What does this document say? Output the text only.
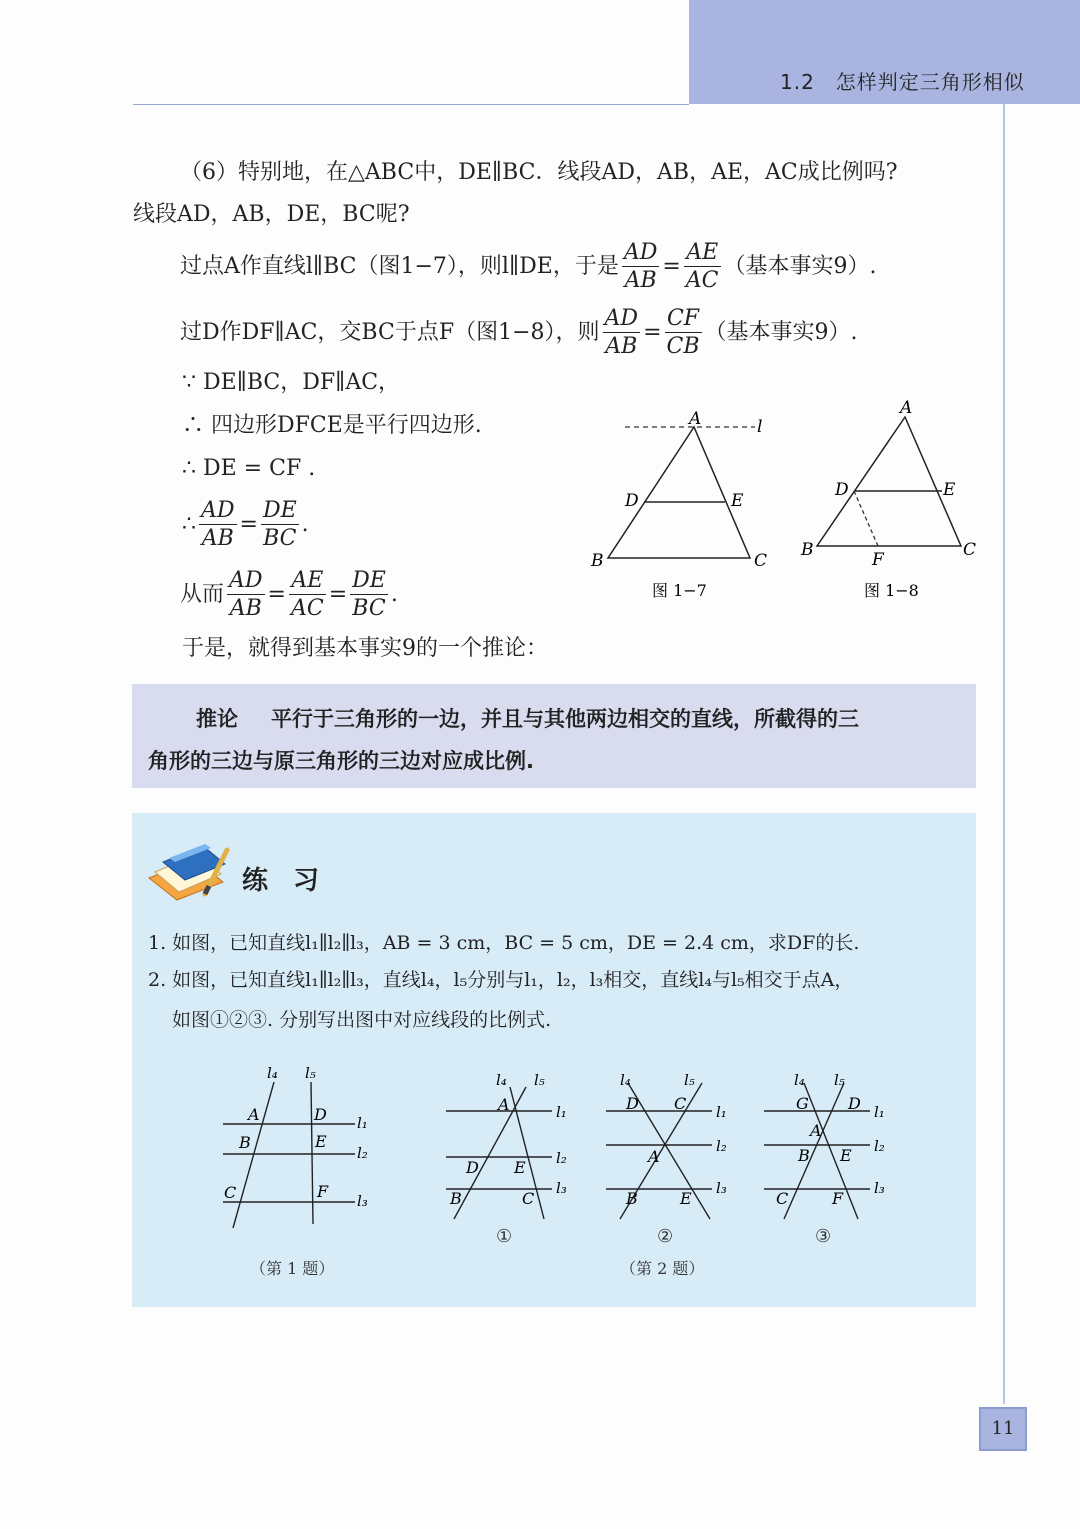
1.2　怎样判定三角形相似
（6）特别地，在△ABC中，DE∥BC．线段AD，AB，AE，AC成比例吗?
线段AD，AB，DE，BC呢?
过点A作直线l∥BC（图1−7），则l∥DE，于是 $\frac{AD}{AB} = \frac{AE}{AC}$ （基本事实9）.
过D作DF∥AC，交BC于点F（图1−8），则 $\frac{AD}{AB} = \frac{CF}{CB}$ （基本事实9）.
∵ DE∥BC，DF∥AC，
∴ 四边形DFCE是平行四边形.
∴ DE = CF .
∴ $\frac{AD}{AB} = \frac{DE}{BC}$ .
从而 $\frac{AD}{AB} = \frac{AE}{AC} = \frac{DE}{BC}$ .
于是，就得到基本事实9的一个推论：
A	l
D	E
B	C
图 1−7
A
D	E
B	F	C
图 1−8
推论 平行于三角形的一边，并且与其他两边相交的直线，所截得的三
角形的三边与原三角形的三边对应成比例.
练 习
1. 如图，已知直线l₁∥l₂∥l₃，AB = 3 cm，BC = 5 cm，DE = 2.4 cm，求DF的长.
2. 如图，已知直线l₁∥l₂∥l₃，直线l₄，l₅分别与l₁，l₂，l₃相交，直线l₄与l₅相交于点A，
如图①②③. 分别写出图中对应线段的比例式.
l₄ l₅
A	D
B	E
C	F
l₁
l₂
l₃
（第 1 题）
l₄ l₅
A
D E
B	C
l₁
l₂
l₃
①
l₄	l₅
D C
A
B	E
l₁
l₂
l₃
②
l₄ l₅
G D
A
B E
C	F
l₁
l₂
l₃
③
（第 2 题）
11
